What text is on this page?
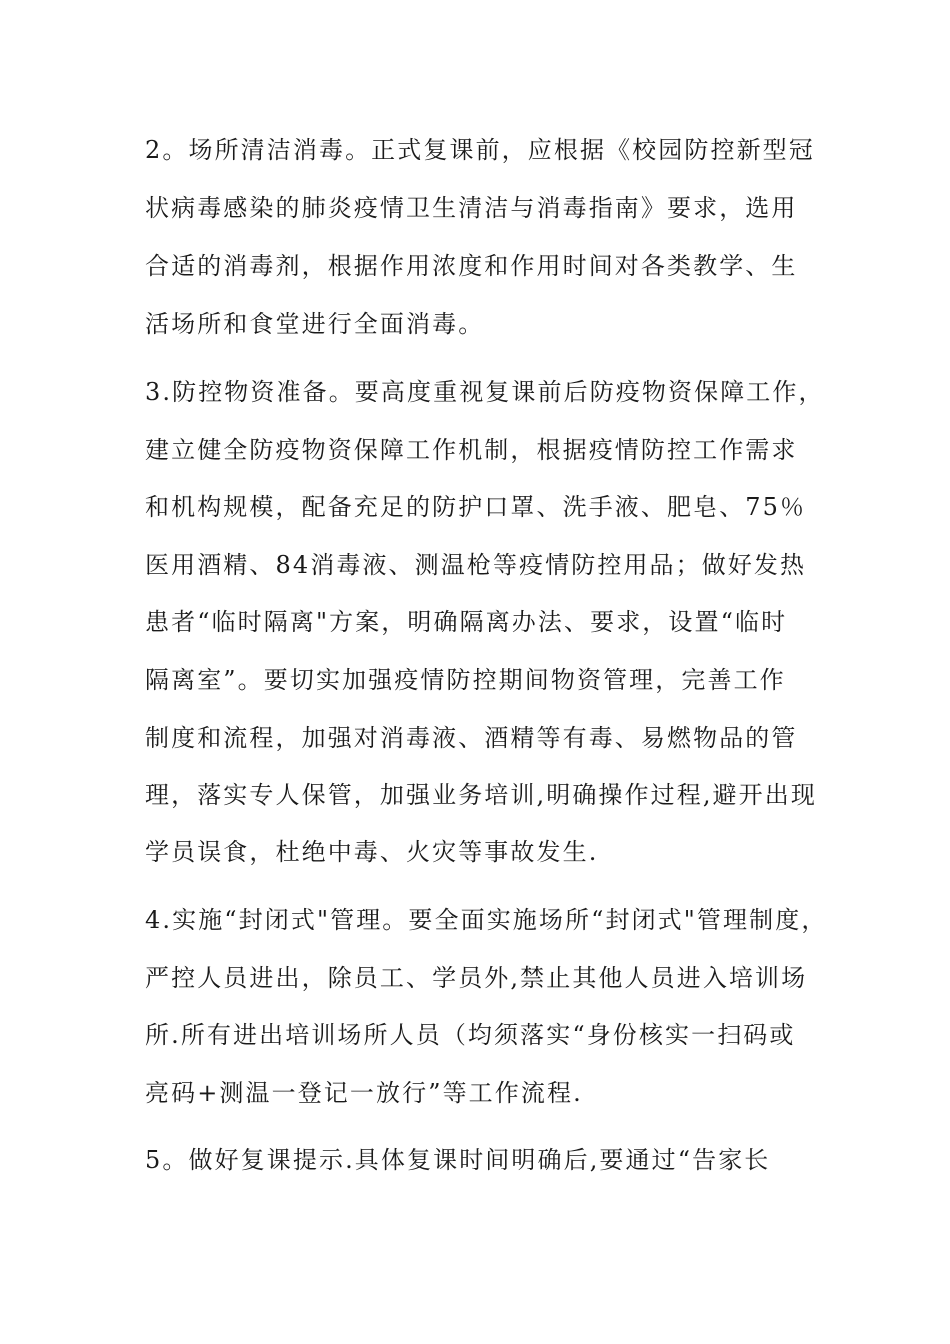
2。场所清洁消毒。正式复课前，应根据《校园防控新型冠
状病毒感染的肺炎疫情卫生清洁与消毒指南》要求，选用
合适的消毒剂，根据作用浓度和作用时间对各类教学、生
活场所和食堂进行全面消毒。
3.防控物资准备。要高度重视复课前后防疫物资保障工作，
建立健全防疫物资保障工作机制，根据疫情防控工作需求
和机构规模，配备充足的防护口罩、洗手液、肥皂、75％
医用酒精、84消毒液、测温枪等疫情防控用品；做好发热
患者“临时隔离"方案，明确隔离办法、要求，设置“临时
隔离室”。要切实加强疫情防控期间物资管理，完善工作
制度和流程，加强对消毒液、酒精等有毒、易燃物品的管
理，落实专人保管，加强业务培训,明确操作过程,避开出现
学员误食，杜绝中毒、火灾等事故发生.
4.实施“封闭式"管理。要全面实施场所“封闭式"管理制度，
严控人员进出，除员工、学员外,禁止其他人员进入培训场
所.所有进出培训场所人员（均须落实“身份核实一扫码或
亮码+测温一登记一放行”等工作流程.
5。做好复课提示.具体复课时间明确后,要通过“告家长
